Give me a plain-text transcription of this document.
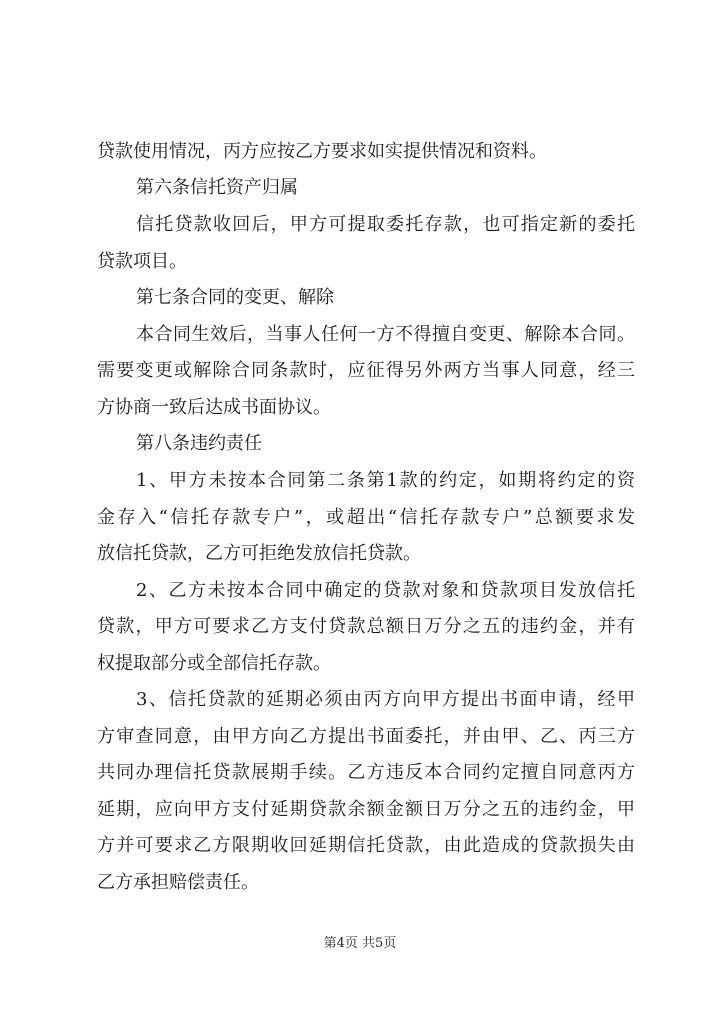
贷款使用情况，丙方应按乙方要求如实提供情况和资料。
第六条信托资产归属
信托贷款收回后，甲方可提取委托存款，也可指定新的委托
贷款项目。
第七条合同的变更、解除
本合同生效后，当事人任何一方不得擅自变更、解除本合同。
需要变更或解除合同条款时，应征得另外两方当事人同意，经三
方协商一致后达成书面协议。
第八条违约责任
1、甲方未按本合同第二条第1款的约定，如期将约定的资
金存入“信托存款专户”，或超出“信托存款专户”总额要求发
放信托贷款，乙方可拒绝发放信托贷款。
2、乙方未按本合同中确定的贷款对象和贷款项目发放信托
贷款，甲方可要求乙方支付贷款总额日万分之五的违约金，并有
权提取部分或全部信托存款。
3、信托贷款的延期必须由丙方向甲方提出书面申请，经甲
方审查同意，由甲方向乙方提出书面委托，并由甲、乙、丙三方
共同办理信托贷款展期手续。乙方违反本合同约定擅自同意丙方
延期，应向甲方支付延期贷款余额金额日万分之五的违约金，甲
方并可要求乙方限期收回延期信托贷款，由此造成的贷款损失由
乙方承担赔偿责任。
第4页 共5页
